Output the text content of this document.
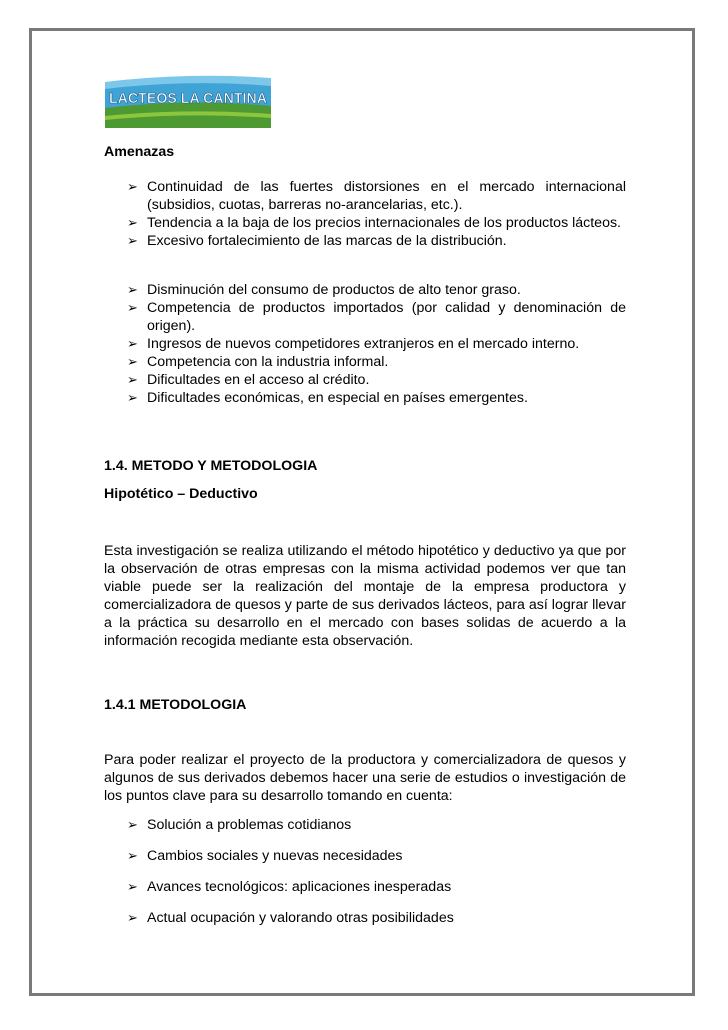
LACTEOS LA CANTINA
Amenazas
➢ Continuidad de las fuertes distorsiones en el mercado internacional (subsidios, cuotas, barreras no-arancelarias, etc.).
➢ Tendencia a la baja de los precios internacionales de los productos lácteos.
➢ Excesivo fortalecimiento de las marcas de la distribución.
➢ Disminución del consumo de productos de alto tenor graso.
➢ Competencia de productos importados (por calidad y denominación de origen).
➢ Ingresos de nuevos competidores extranjeros en el mercado interno.
➢ Competencia con la industria informal.
➢ Dificultades en el acceso al crédito.
➢ Dificultades económicas, en especial en países emergentes.
1.4. METODO Y METODOLOGIA
Hipotético – Deductivo
Esta investigación se realiza utilizando el método hipotético y deductivo ya que por la observación de otras empresas con la misma actividad podemos ver que tan viable puede ser la realización del montaje de la empresa productora y comercializadora de quesos y parte de sus derivados lácteos, para así lograr llevar a la práctica su desarrollo en el mercado con bases solidas de acuerdo a la información recogida mediante esta observación.
1.4.1 METODOLOGIA
Para poder realizar el proyecto de la productora y comercializadora de quesos y algunos de sus derivados debemos hacer una serie de estudios o investigación de los puntos clave para su desarrollo tomando en cuenta:
➢ Solución a problemas cotidianos
➢ Cambios sociales y nuevas necesidades
➢ Avances tecnológicos: aplicaciones inesperadas
➢ Actual ocupación y valorando otras posibilidades
